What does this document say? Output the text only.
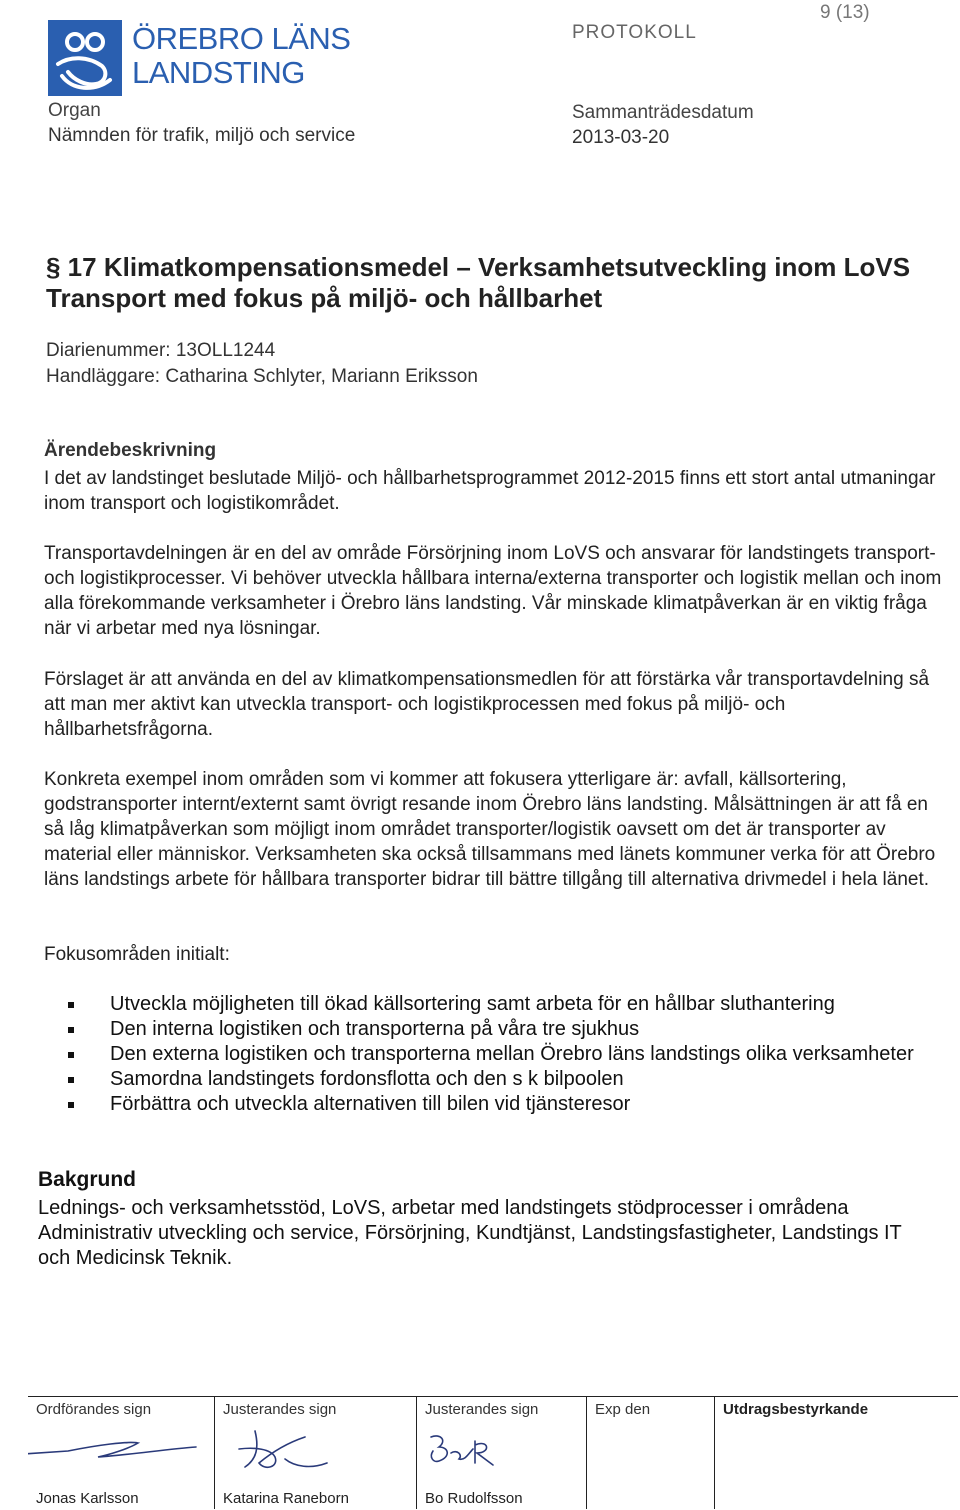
ÖREBRO LÄNS
LANDSTING
9 (13)
PROTOKOLL
Organ
Nämnden för trafik, miljö och service
Sammanträdesdatum
2013-03-20
§ 17 Klimatkompensationsmedel – Verksamhetsutveckling inom LoVS Transport med fokus på miljö- och hållbarhet
Diarienummer: 13OLL1244
Handläggare: Catharina Schlyter, Mariann Eriksson
Ärendebeskrivning

I det av landstinget beslutade Miljö- och hållbarhetsprogrammet 2012-2015 finns ett stort antal utmaningar inom transport och logistikområdet.

Transportavdelningen är en del av område Försörjning inom LoVS och ansvarar för landstingets transport- och logistikprocesser. Vi behöver utveckla hållbara interna/externa transporter och logistik mellan och inom alla förekommande verksamheter i Örebro läns landsting. Vår minskade klimatpåverkan är en viktig fråga när vi arbetar med nya lösningar.

Förslaget är att använda en del av klimatkompensationsmedlen för att förstärka vår transportavdelning så att man mer aktivt kan utveckla transport- och logistikprocessen med fokus på miljö- och hållbarhetsfrågorna.

Konkreta exempel inom områden som vi kommer att fokusera ytterligare är: avfall, källsortering, godstransporter internt/externt samt övrigt resande inom Örebro läns landsting. Målsättningen är att få en så låg klimatpåverkan som möjligt inom området transporter/logistik oavsett om det är transporter av material eller människor. Verksamheten ska också tillsammans med länets kommuner verka för att Örebro läns landstings arbete för hållbara transporter bidrar till bättre tillgång till alternativa drivmedel i hela länet.

Fokusområden initialt:
Utveckla möjligheten till ökad källsortering samt arbeta för en hållbar sluthantering
Den interna logistiken och transporterna på våra tre sjukhus
Den externa logistiken och transporterna mellan Örebro läns landstings olika verksamheter
Samordna landstingets fordonsflotta och den s k bilpoolen
Förbättra och utveckla alternativen till bilen vid tjänsteresor
Bakgrund

Lednings- och verksamhetsstöd, LoVS, arbetar med landstingets stödprocesser i områdena Administrativ utveckling och service, Försörjning, Kundtjänst, Landstingsfastigheter, Landstings IT och Medicinsk Teknik.

Ordförandes sign
Jonas Karlsson
Justerandes sign
Katarina Raneborn
Justerandes sign
Bo Rudolfsson
Exp den	Utdragsbestyrkande
